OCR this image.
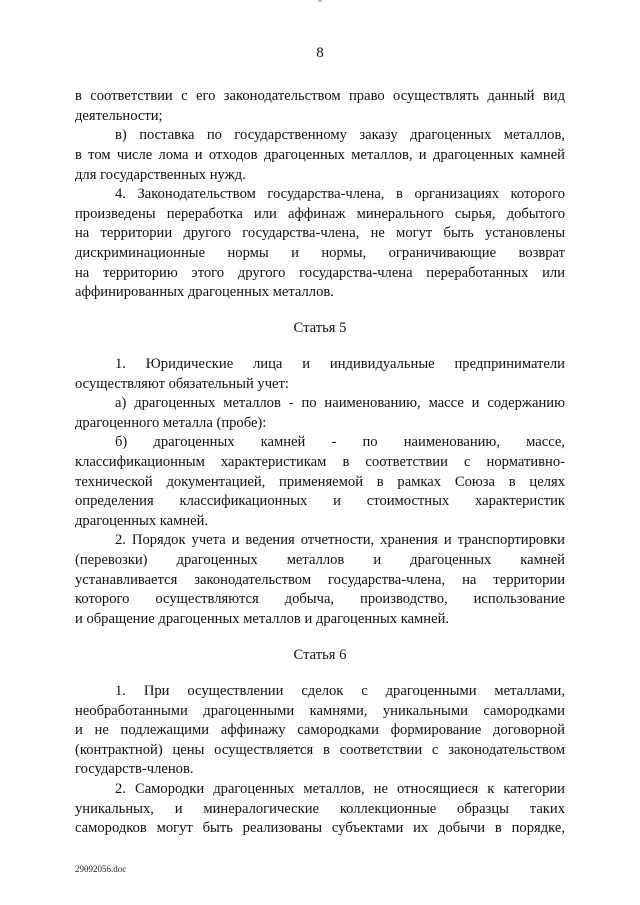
8
в соответствии с его законодательством право осуществлять данный вид
деятельности;
в) поставка по государственному заказу драгоценных металлов,
в том числе лома и отходов драгоценных металлов, и драгоценных камней
для государственных нужд.
4. Законодательством государства-члена, в организациях которого
произведены переработка или аффинаж минерального сырья, добытого
на территории другого государства-члена, не могут быть установлены
дискриминационные нормы и нормы, ограничивающие возврат
на территорию этого другого государства-члена переработанных или
аффинированных драгоценных металлов.
Статья 5
1. Юридические лица и индивидуальные предприниматели
осуществляют обязательный учет:
а) драгоценных металлов - по наименованию, массе и содержанию
драгоценного металла (пробе):
б) драгоценных камней - по наименованию, массе,
классификационным характеристикам в соответствии с нормативно-
технической документацией, применяемой в рамках Союза в целях
определения классификационных и стоимостных характеристик
драгоценных камней.
2. Порядок учета и ведения отчетности, хранения и транспортировки
(перевозки) драгоценных металлов и драгоценных камней
устанавливается законодательством государства-члена, на территории
которого осуществляются добыча, производство, использование
и обращение драгоценных металлов и драгоценных камней.
Статья 6
1. При осуществлении сделок с драгоценными металлами,
необработанными драгоценными камнями, уникальными самородками
и не подлежащими аффинажу самородками формирование договорной
(контрактной) цены осуществляется в соответствии с законодательством
государств-членов.
2. Самородки драгоценных металлов, не относящиеся к категории
уникальных, и минералогические коллекционные образцы таких
самородков могут быть реализованы субъектами их добычи в порядке,
29092056.doc
